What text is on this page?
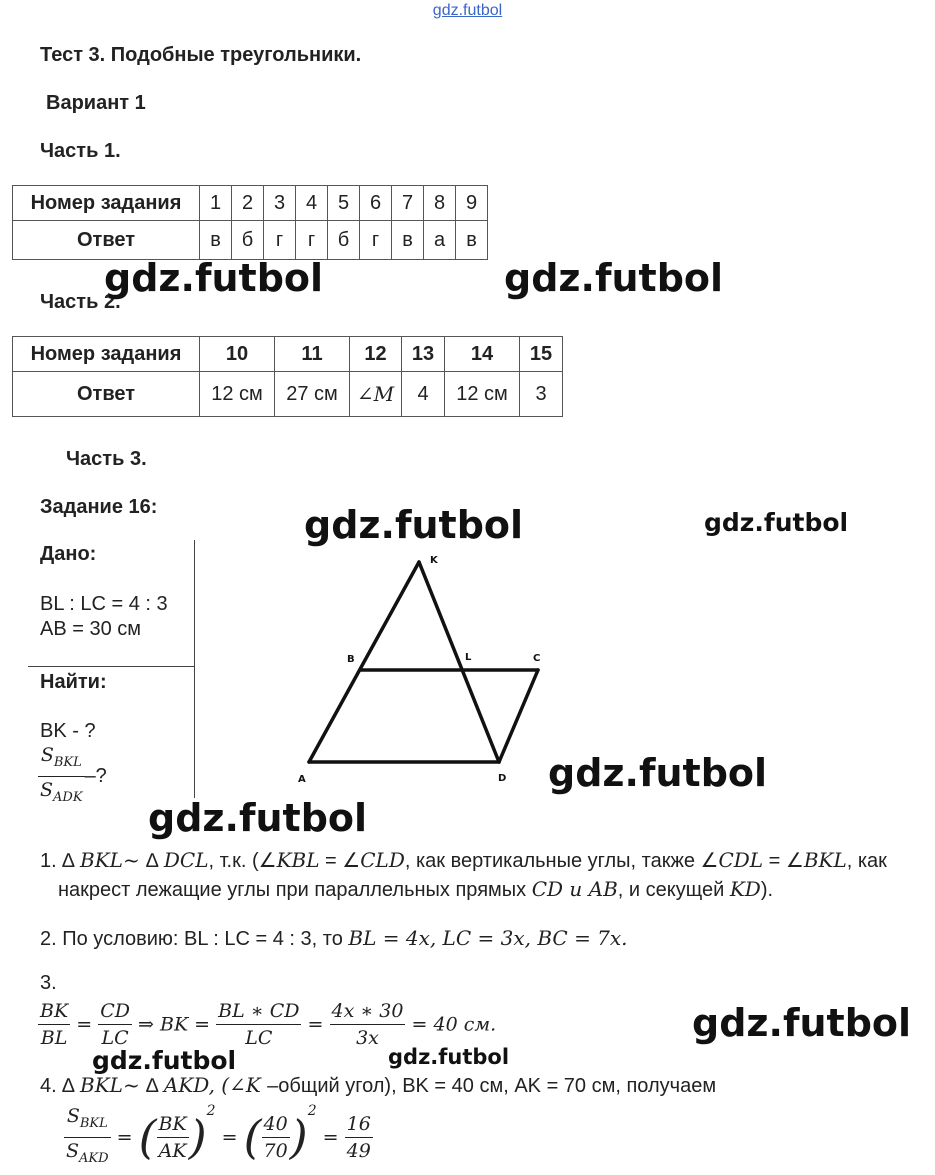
gdz.futbol
Тест 3. Подобные треугольники.
Вариант 1
Часть 1.
Номер задания	1	2	3	4	5	6	7	8	9
Ответ	в	б	г	г	б	г	в	а	в
Часть 2.
gdz.futbol	gdz.futbol
Номер задания	10	11	12	13	14	15
Ответ	12 см	27 см	∠M	4	12 см	3
Часть 3.
Задание 16:	gdz.futbol	gdz.futbol
Дано:
BL : LC = 4 : 3
AB = 30 см
Найти:
BK - ?
$\frac{S_{BKL}}{S_{ADK}}$ –?
K
B	L	C
A	D gdz.futbol
gdz.futbol
1. ∆ BKL~ ∆ DCL, т.к. (∠KBL = ∠CLD, как вертикальные углы, также ∠CDL = ∠BKL, как
накрест лежащие углы при параллельных прямых CD и AB, и секущей KD).
2. По условию: BL : LC = 4 : 3, то BL = 4x, LC = 3x, BC = 7x.
3.
$\frac{BK}{BL} = \frac{CD}{LC}$ ⇒ BK = $\frac{BL ∗ CD}{LC} = \frac{4x ∗ 30}{3x} = 40$ см.	gdz.futbol
gdz.futbol	gdz.futbol
4. ∆ BKL~ ∆ AKD, (∠K –общий угол), BK = 40 см, AK = 70 см, получаем
$\frac{S_{BKL}}{S_{AKD}}$ = ( $\frac{BK}{AK} )^2$ = ( $\frac{40}{70} )^2 = \frac{16}{49}$
